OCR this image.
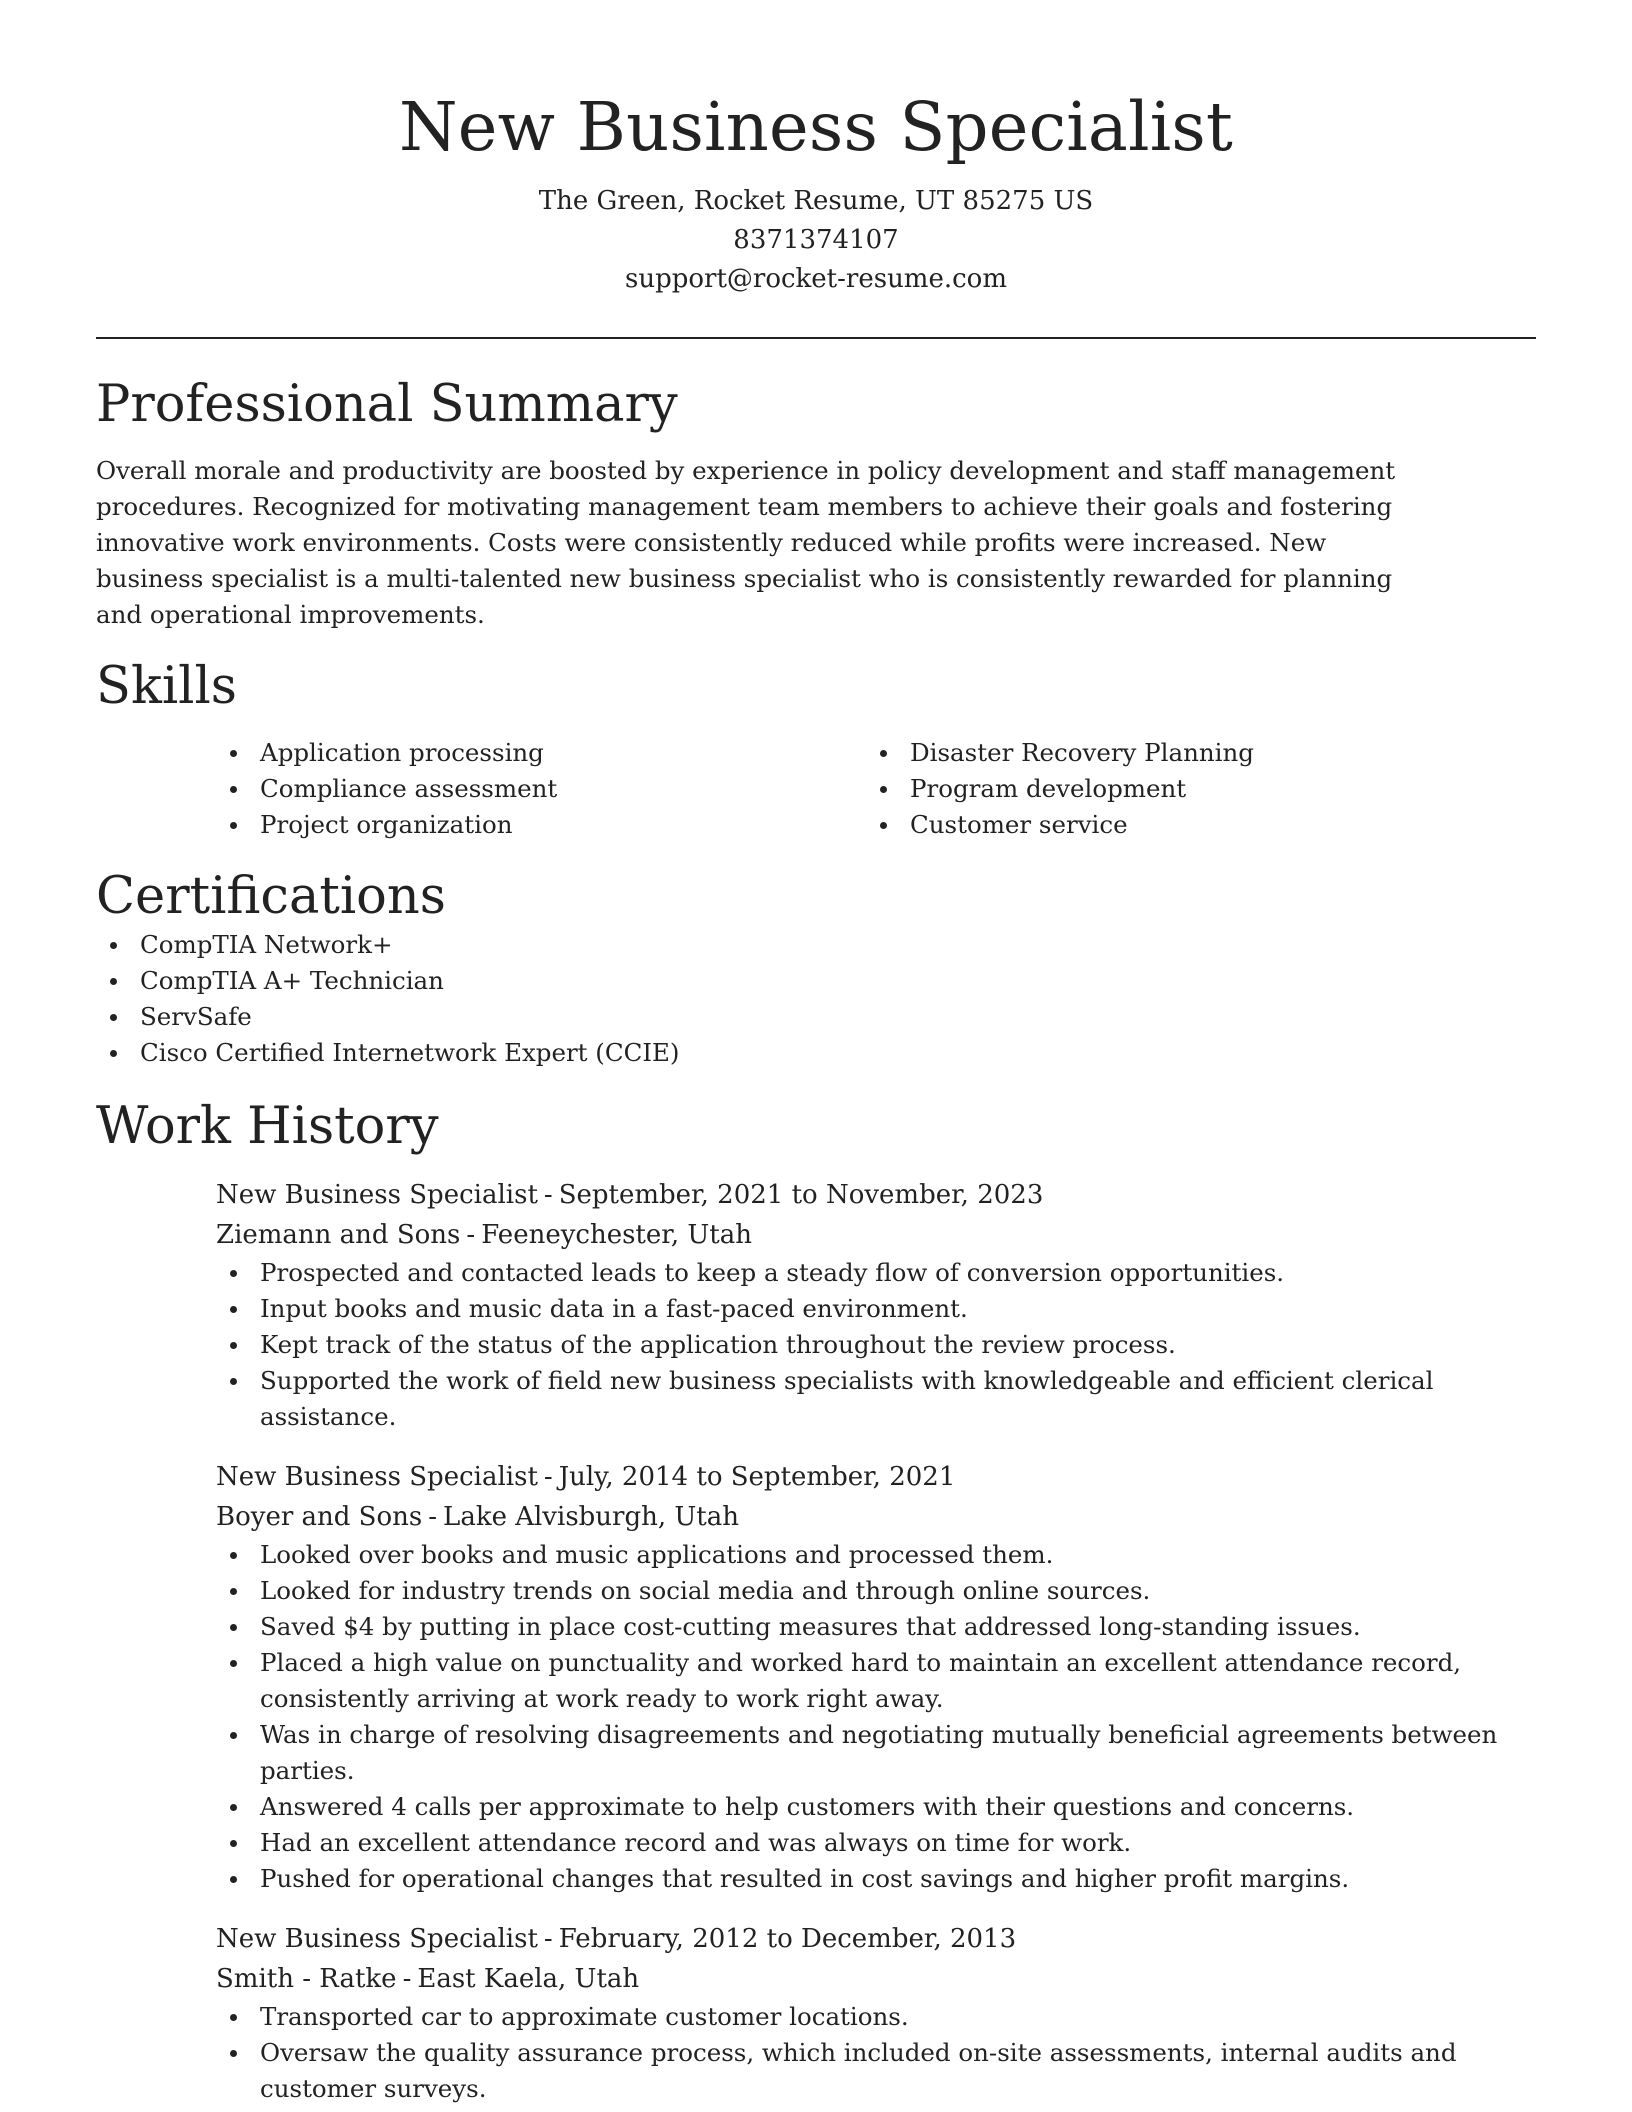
New Business Specialist
The Green, Rocket Resume, UT 85275 US
8371374107
support@rocket-resume.com
Professional Summary

Overall morale and productivity are boosted by experience in policy development and staff management procedures. Recognized for motivating management team members to achieve their goals and fostering innovative work environments. Costs were consistently reduced while profits were increased. New business specialist is a multi-talented new business specialist who is consistently rewarded for planning and operational improvements.

Skills
Application processing
Compliance assessment
Project organization
Disaster Recovery Planning
Program development
Customer service
Certifications
CompTIA Network+
CompTIA A+ Technician
ServSafe
Cisco Certified Internetwork Expert (CCIE)
Work History
New Business Specialist - September, 2021 to November, 2023
Ziemann and Sons - Feeneychester, Utah
Prospected and contacted leads to keep a steady flow of conversion opportunities.
Input books and music data in a fast-paced environment.
Kept track of the status of the application throughout the review process.
Supported the work of field new business specialists with knowledgeable and efficient clerical assistance.
New Business Specialist - July, 2014 to September, 2021
Boyer and Sons - Lake Alvisburgh, Utah
Looked over books and music applications and processed them.
Looked for industry trends on social media and through online sources.
Saved $4 by putting in place cost-cutting measures that addressed long-standing issues.
Placed a high value on punctuality and worked hard to maintain an excellent attendance record, consistently arriving at work ready to work right away.
Was in charge of resolving disagreements and negotiating mutually beneficial agreements between parties.
Answered 4 calls per approximate to help customers with their questions and concerns.
Had an excellent attendance record and was always on time for work.
Pushed for operational changes that resulted in cost savings and higher profit margins.
New Business Specialist - February, 2012 to December, 2013
Smith - Ratke - East Kaela, Utah
Transported car to approximate customer locations.
Oversaw the quality assurance process, which included on-site assessments, internal audits and customer surveys.
